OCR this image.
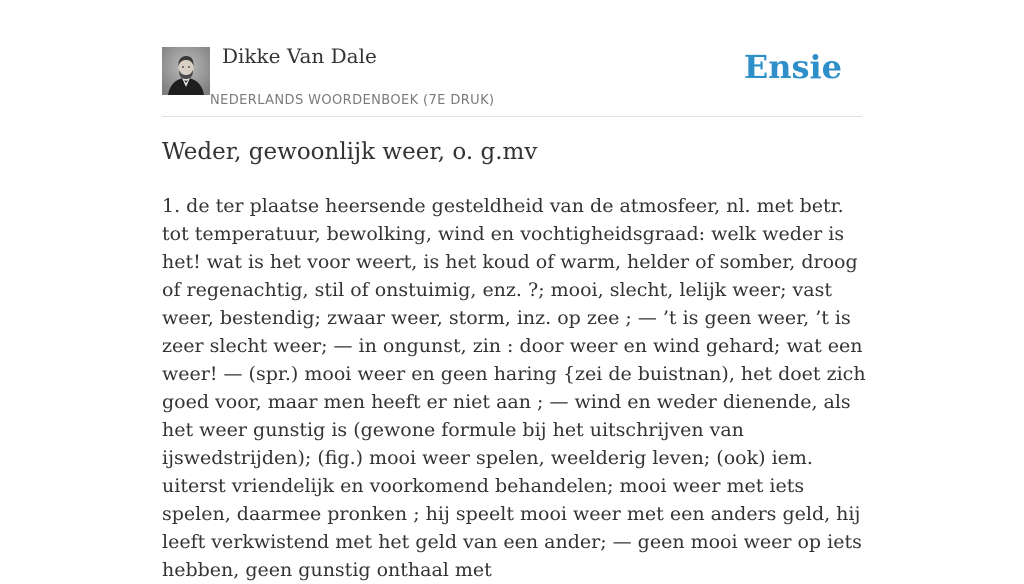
Dikke Van Dale
NEDERLANDS WOORDENBOEK (7E DRUK)
Ensie
Weder, gewoonlijk weer, o. g.mv

1. de ter plaatse heersende gesteldheid van de atmosfeer, nl. met betr. tot temperatuur, bewolking, wind en vochtigheidsgraad: welk weder is het! wat is het voor weert, is het koud of warm, helder of somber, droog of regenachtig, stil of onstuimig, enz. ?; mooi, slecht, lelijk weer; vast weer, bestendig; zwaar weer, storm, inz. op zee ; — ’t is geen weer, ’t is zeer slecht weer; — in ongunst, zin : door weer en wind gehard; wat een weer! — (spr.) mooi weer en geen haring {zei de buistnan), het doet zich goed voor, maar men heeft er niet aan ; — wind en weder dienende, als het weer gunstig is (gewone formule bij het uitschrijven van ijswedstrijden); (fig.) mooi weer spelen, weelderig leven; (ook) iem. uiterst vriendelijk en voorkomend behandelen; mooi weer met iets spelen, daarmee pronken ; hij speelt mooi weer met een anders geld, hij leeft verkwistend met het geld van een ander; — geen mooi weer op iets hebben, geen gunstig onthaal met
